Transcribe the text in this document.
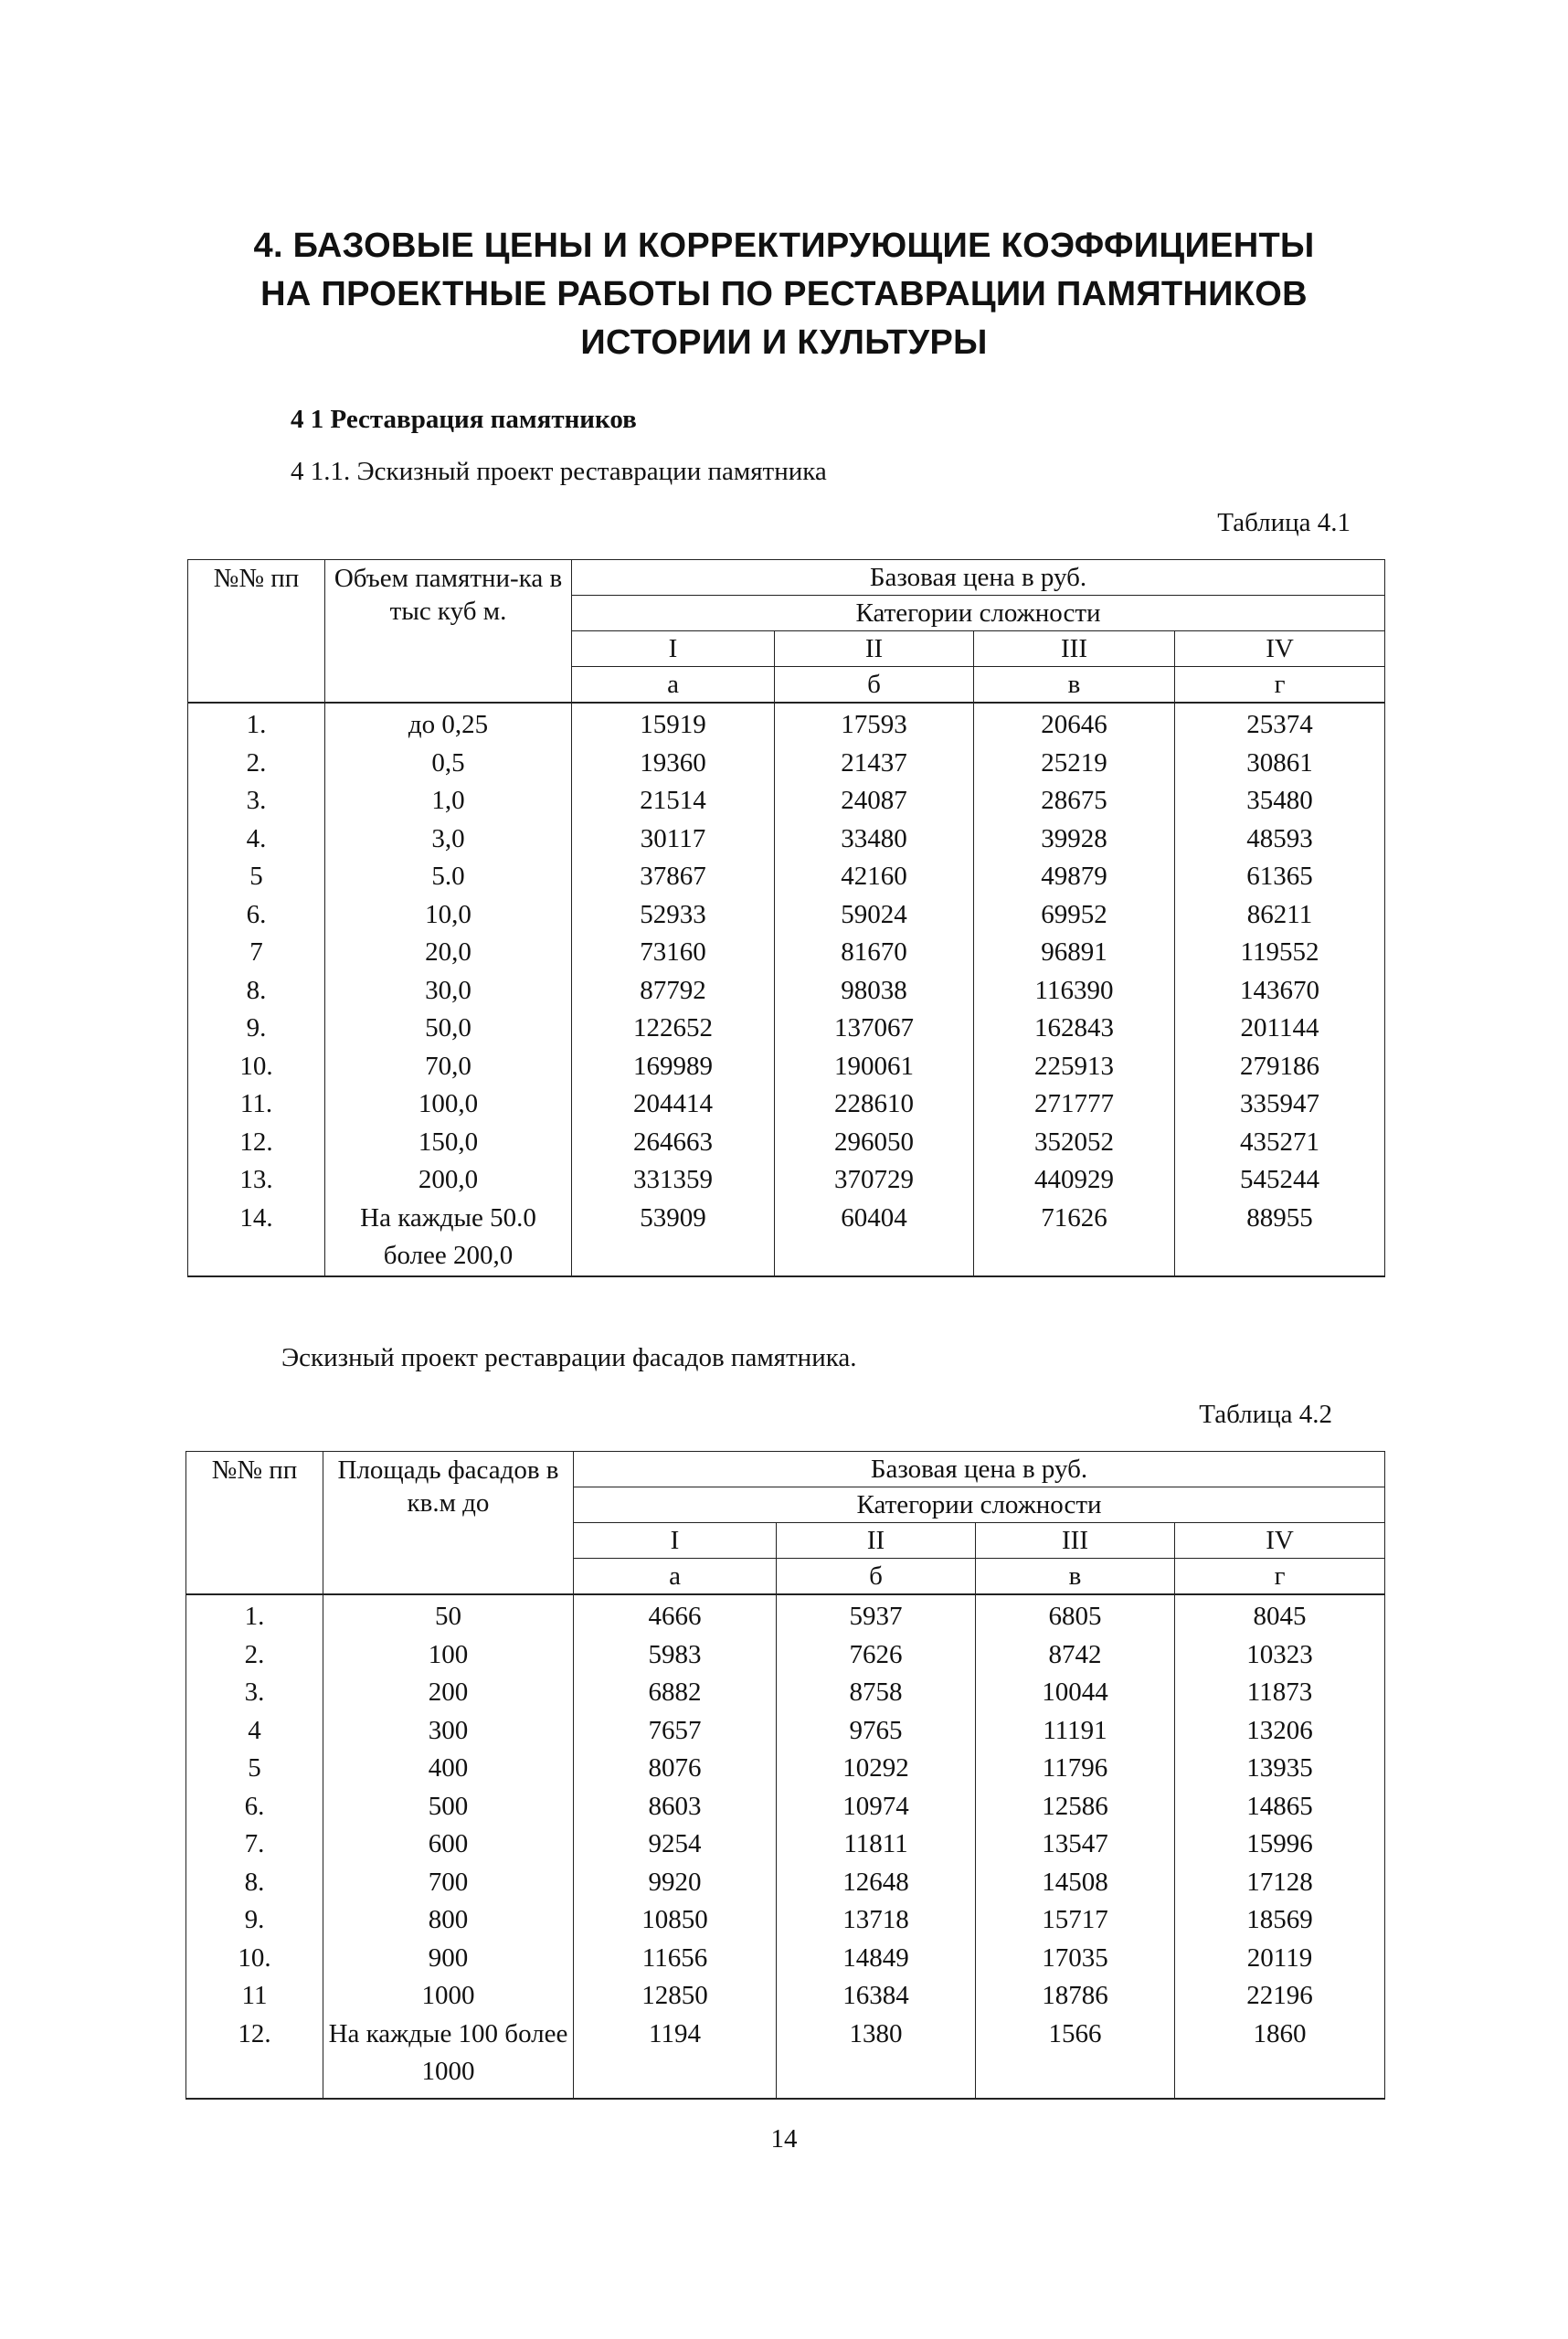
4. БАЗОВЫЕ ЦЕНЫ И КОРРЕКТИРУЮЩИЕ КОЭФФИЦИЕНТЫ
НА ПРОЕКТНЫЕ РАБОТЫ ПО РЕСТАВРАЦИИ ПАМЯТНИКОВ
ИСТОРИИ И КУЛЬТУРЫ
4 1 Реставрация памятников
4 1.1. Эскизный проект реставрации памятника
Таблица 4.1
№№ пп	Объем памятни-ка в тыс куб м.	Базовая цена в руб.			
		Категории сложности			
		I	II	III	IV
		а	б	в	г
1.	до 0,25	15919	17593	20646	25374
2.	0,5	19360	21437	25219	30861
3.	1,0	21514	24087	28675	35480
4.	3,0	30117	33480	39928	48593
5	5.0	37867	42160	49879	61365
6.	10,0	52933	59024	69952	86211
7	20,0	73160	81670	96891	119552
8.	30,0	87792	98038	116390	143670
9.	50,0	122652	137067	162843	201144
10.	70,0	169989	190061	225913	279186
11.	100,0	204414	228610	271777	335947
12.	150,0	264663	296050	352052	435271
13.	200,0	331359	370729	440929	545244
14.	На каждые 50.0 более 200,0	53909	60404	71626	88955
Эскизный проект реставрации фасадов памятника.
Таблица 4.2
№№ пп	Площадь фасадов в кв.м до	Базовая цена в руб.			
		Категории сложности			
		I	II	III	IV
		а	б	в	г
1.	50	4666	5937	6805	8045
2.	100	5983	7626	8742	10323
3.	200	6882	8758	10044	11873
4	300	7657	9765	11191	13206
5	400	8076	10292	11796	13935
6.	500	8603	10974	12586	14865
7.	600	9254	11811	13547	15996
8.	700	9920	12648	14508	17128
9.	800	10850	13718	15717	18569
10.	900	11656	14849	17035	20119
11	1000	12850	16384	18786	22196
12.	На каждые 100 более 1000	1194	1380	1566	1860
14
